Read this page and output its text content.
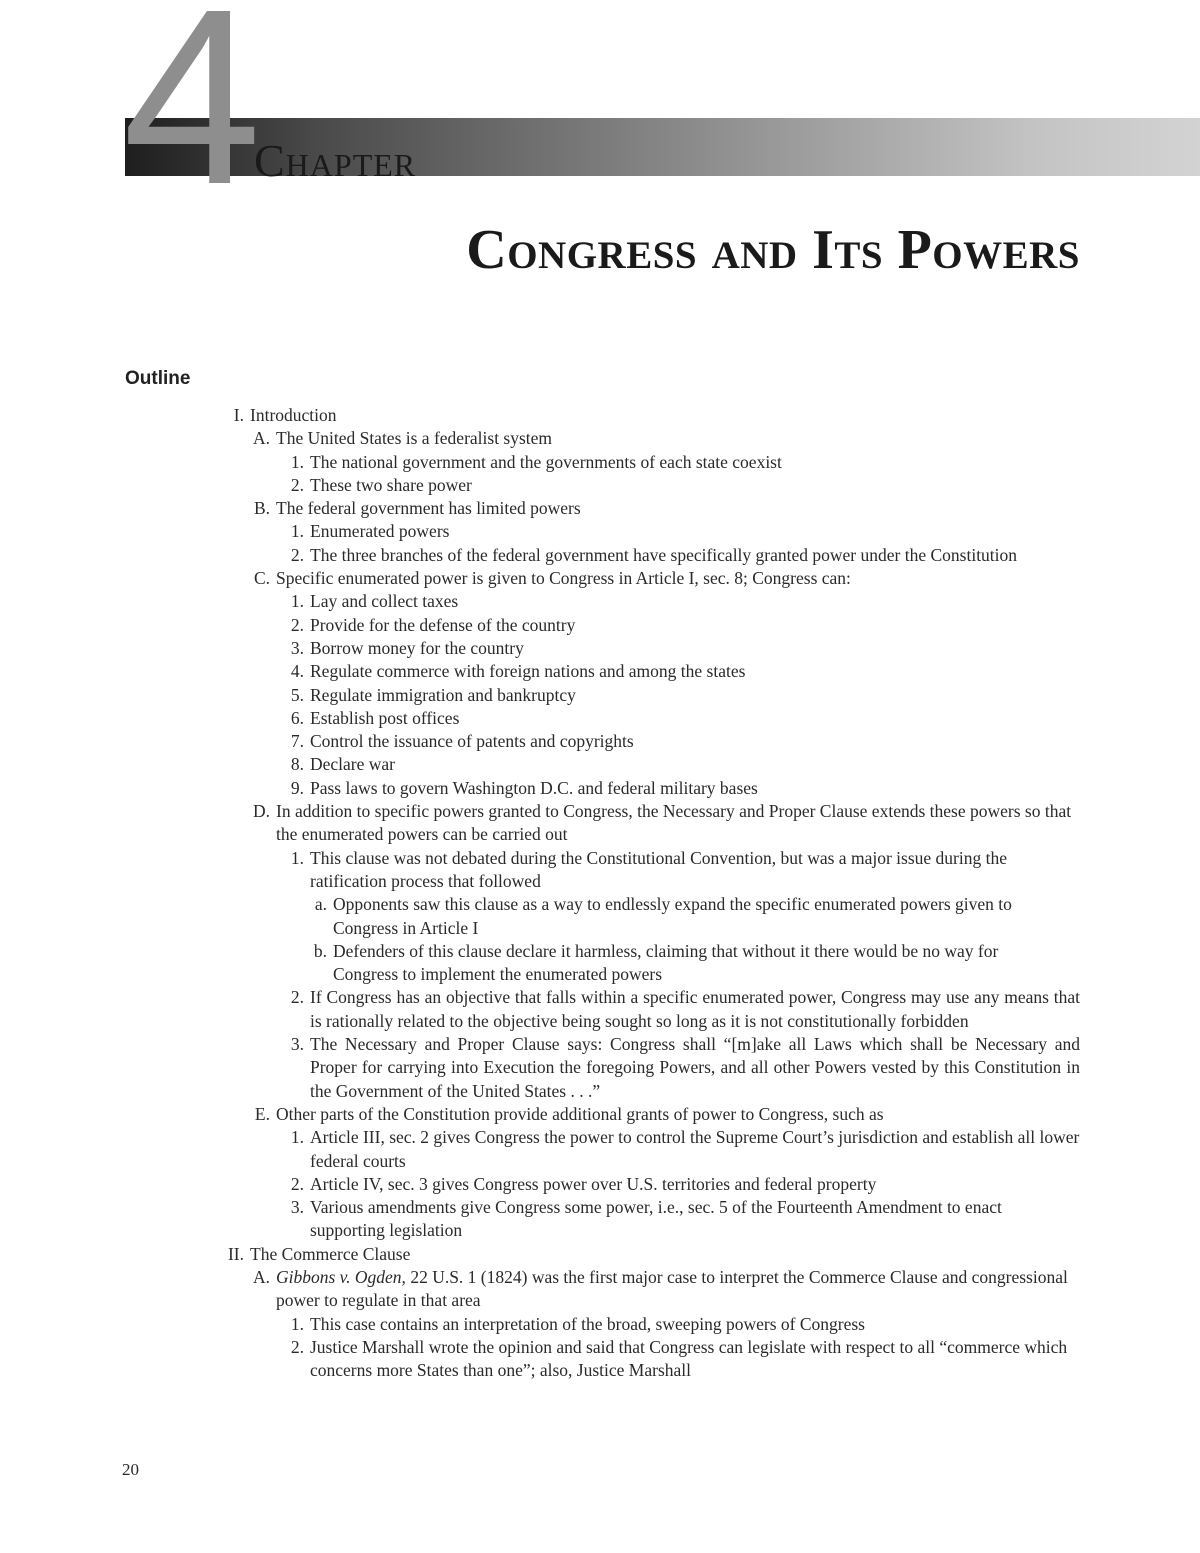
4
Chapter
Congress and Its Powers
Outline
I. Introduction
A. The United States is a federalist system
1. The national government and the governments of each state coexist
2. These two share power
B. The federal government has limited powers
1. Enumerated powers
2. The three branches of the federal government have specifically granted power under the Constitution
C. Specific enumerated power is given to Congress in Article I, sec. 8; Congress can:
1. Lay and collect taxes
2. Provide for the defense of the country
3. Borrow money for the country
4. Regulate commerce with foreign nations and among the states
5. Regulate immigration and bankruptcy
6. Establish post offices
7. Control the issuance of patents and copyrights
8. Declare war
9. Pass laws to govern Washington D.C. and federal military bases
D. In addition to specific powers granted to Congress, the Necessary and Proper Clause extends these powers so that the enumerated powers can be carried out
1. This clause was not debated during the Constitutional Convention, but was a major issue during the ratification process that followed
a. Opponents saw this clause as a way to endlessly expand the specific enumerated powers given to Congress in Article I
b. Defenders of this clause declare it harmless, claiming that without it there would be no way for Congress to implement the enumerated powers
2. If Congress has an objective that falls within a specific enumerated power, Congress may use any means that is rationally related to the objective being sought so long as it is not constitutionally forbidden
3. The Necessary and Proper Clause says: Congress shall “[m]ake all Laws which shall be Necessary and Proper for carrying into Execution the foregoing Powers, and all other Powers vested by this Constitution in the Government of the United States . . .”
E. Other parts of the Constitution provide additional grants of power to Congress, such as
1. Article III, sec. 2 gives Congress the power to control the Supreme Court’s jurisdiction and establish all lower federal courts
2. Article IV, sec. 3 gives Congress power over U.S. territories and federal property
3. Various amendments give Congress some power, i.e., sec. 5 of the Fourteenth Amendment to enact supporting legislation
II. The Commerce Clause
A. Gibbons v. Ogden, 22 U.S. 1 (1824) was the first major case to interpret the Commerce Clause and congressional power to regulate in that area
1. This case contains an interpretation of the broad, sweeping powers of Congress
2. Justice Marshall wrote the opinion and said that Congress can legislate with respect to all “commerce which concerns more States than one”; also, Justice Marshall
20
